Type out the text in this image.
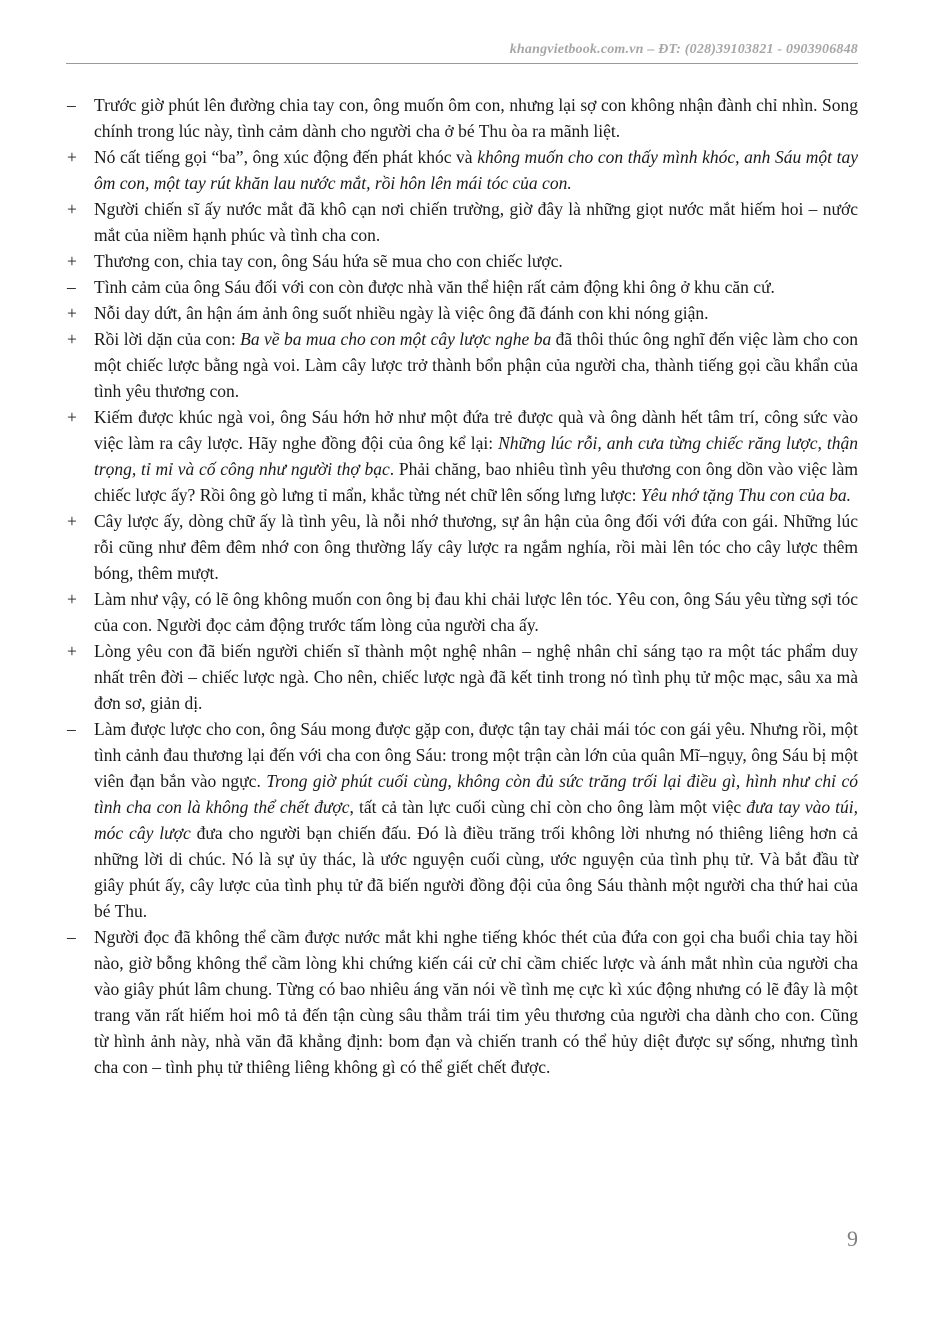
khangvietbook.com.vn – ĐT: (028)39103821 - 0903906848
–	Trước giờ phút lên đường chia tay con, ông muốn ôm con, nhưng lại sợ con không nhận đành chỉ nhìn. Song chính trong lúc này, tình cảm dành cho người cha ở bé Thu òa ra mãnh liệt.
+ Nó cất tiếng gọi “ba”, ông xúc động đến phát khóc và không muốn cho con thấy mình khóc, anh Sáu một tay ôm con, một tay rút khăn lau nước mắt, rồi hôn lên mái tóc của con.
+ Người chiến sĩ ấy nước mắt đã khô cạn nơi chiến trường, giờ đây là những giọt nước mắt hiếm hoi – nước mắt của niềm hạnh phúc và tình cha con.
+ Thương con, chia tay con, ông Sáu hứa sẽ mua cho con chiếc lược.
–	Tình cảm của ông Sáu đối với con còn được nhà văn thể hiện rất cảm động khi ông ở khu căn cứ.
+ Nỗi day dứt, ân hận ám ảnh ông suốt nhiều ngày là việc ông đã đánh con khi nóng giận.
+ Rồi lời dặn của con: Ba về ba mua cho con một cây lược nghe ba đã thôi thúc ông nghĩ đến việc làm cho con một chiếc lược bằng ngà voi. Làm cây lược trở thành bổn phận của người cha, thành tiếng gọi cầu khẩn của tình yêu thương con.
+ Kiếm được khúc ngà voi, ông Sáu hớn hở như một đứa trẻ được quà và ông dành hết tâm trí, công sức vào việc làm ra cây lược. Hãy nghe đồng đội của ông kể lại: Những lúc rỗi, anh cưa từng chiếc răng lược, thận trọng, tỉ mỉ và cố công như người thợ bạc. Phải chăng, bao nhiêu tình yêu thương con ông dồn vào việc làm chiếc lược ấy? Rồi ông gò lưng tỉ mẩn, khắc từng nét chữ lên sống lưng lược: Yêu nhớ tặng Thu con của ba.
+ Cây lược ấy, dòng chữ ấy là tình yêu, là nỗi nhớ thương, sự ân hận của ông đối với đứa con gái. Những lúc rỗi cũng như đêm đêm nhớ con ông thường lấy cây lược ra ngắm nghía, rồi mài lên tóc cho cây lược thêm bóng, thêm mượt.
+ Làm như vậy, có lẽ ông không muốn con ông bị đau khi chải lược lên tóc. Yêu con, ông Sáu yêu từng sợi tóc của con. Người đọc cảm động trước tấm lòng của người cha ấy.
+ Lòng yêu con đã biến người chiến sĩ thành một nghệ nhân – nghệ nhân chỉ sáng tạo ra một tác phẩm duy nhất trên đời – chiếc lược ngà. Cho nên, chiếc lược ngà đã kết tinh trong nó tình phụ tử mộc mạc, sâu xa mà đơn sơ, giản dị.
–	Làm được lược cho con, ông Sáu mong được gặp con, được tận tay chải mái tóc con gái yêu. Nhưng rồi, một tình cảnh đau thương lại đến với cha con ông Sáu: trong một trận càn lớn của quân Mĩ–ngụy, ông Sáu bị một viên đạn bắn vào ngực. Trong giờ phút cuối cùng, không còn đủ sức trăng trối lại điều gì, hình như chỉ có tình cha con là không thể chết được, tất cả tàn lực cuối cùng chỉ còn cho ông làm một việc đưa tay vào túi, móc cây lược đưa cho người bạn chiến đấu. Đó là điều trăng trối không lời nhưng nó thiêng liêng hơn cả những lời di chúc. Nó là sự ủy thác, là ước nguyện cuối cùng, ước nguyện của tình phụ tử. Và bắt đầu từ giây phút ấy, cây lược của tình phụ tử đã biến người đồng đội của ông Sáu thành một người cha thứ hai của bé Thu.
–	Người đọc đã không thể cầm được nước mắt khi nghe tiếng khóc thét của đứa con gọi cha buổi chia tay hồi nào, giờ bỗng không thể cầm lòng khi chứng kiến cái cử chỉ cầm chiếc lược và ánh mắt nhìn của người cha vào giây phút lâm chung. Từng có bao nhiêu áng văn nói về tình mẹ cực kì xúc động nhưng có lẽ đây là một trang văn rất hiếm hoi mô tả đến tận cùng sâu thẳm trái tim yêu thương của người cha dành cho con. Cũng từ hình ảnh này, nhà văn đã khẳng định: bom đạn và chiến tranh có thể hủy diệt được sự sống, nhưng tình cha con – tình phụ tử thiêng liêng không gì có thể giết chết được.
9
